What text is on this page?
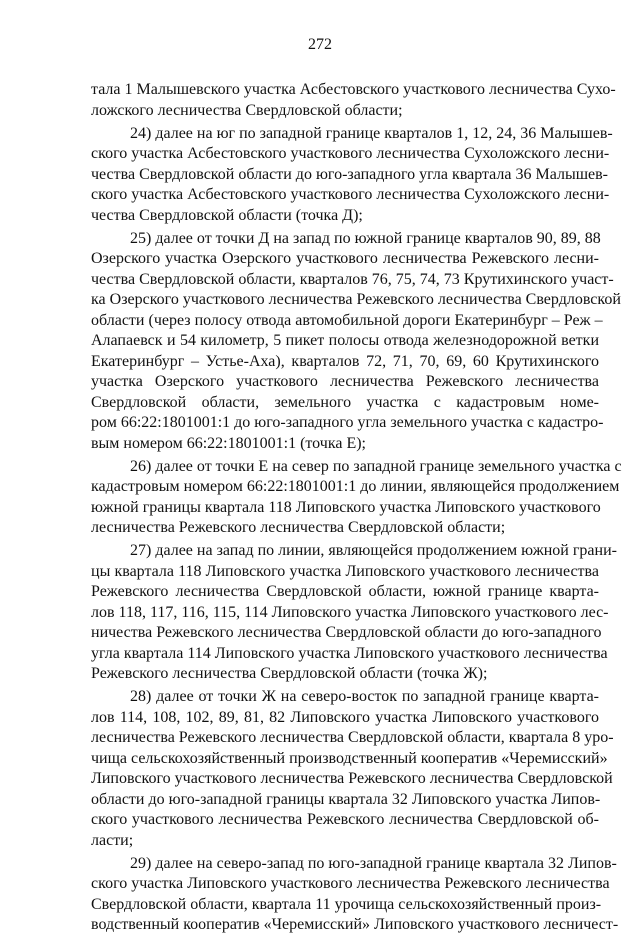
272
тала 1 Малышевского участка Асбестовского участкового лесничества Сухо-
ложского лесничества Свердловской области;
24) далее на юг по западной границе кварталов 1, 12, 24, 36 Малышев-
ского участка Асбестовского участкового лесничества Сухоложского лесни-
чества Свердловской области до юго-западного угла квартала 36 Малышев-
ского участка Асбестовского участкового лесничества Сухоложского лесни-
чества Свердловской области (точка Д);
25) далее от точки Д на запад по южной границе кварталов 90, 89, 88
Озерского участка Озерского участкового лесничества Режевского лесни-
чества Свердловской области, кварталов 76, 75, 74, 73 Крутихинского участ-
ка Озерского участкового лесничества Режевского лесничества Свердловской
области (через полосу отвода автомобильной дороги Екатеринбург – Реж –
Алапаевск и 54 километр, 5 пикет полосы отвода железнодорожной ветки
Екатеринбург – Устье-Аха), кварталов 72, 71, 70, 69, 60 Крутихинского
участка Озерского участкового лесничества Режевского лесничества
Свердловской области, земельного участка с кадастровым номе-
ром 66:22:1801001:1 до юго-западного угла земельного участка с кадастро-
вым номером 66:22:1801001:1 (точка Е);
26) далее от точки Е на север по западной границе земельного участка с
кадастровым номером 66:22:1801001:1 до линии, являющейся продолжением
южной границы квартала 118 Липовского участка Липовского участкового
лесничества Режевского лесничества Свердловской области;
27) далее на запад по линии, являющейся продолжением южной грани-
цы квартала 118 Липовского участка Липовского участкового лесничества
Режевского лесничества Свердловской области, южной границе кварта-
лов 118, 117, 116, 115, 114 Липовского участка Липовского участкового лес-
ничества Режевского лесничества Свердловской области до юго-западного
угла квартала 114 Липовского участка Липовского участкового лесничества
Режевского лесничества Свердловской области (точка Ж);
28) далее от точки Ж на северо-восток по западной границе кварта-
лов 114, 108, 102, 89, 81, 82 Липовского участка Липовского участкового
лесничества Режевского лесничества Свердловской области, квартала 8 уро-
чища сельскохозяйственный производственный кооператив «Черемисский»
Липовского участкового лесничества Режевского лесничества Свердловской
области до юго-западной границы квартала 32 Липовского участка Липов-
ского участкового лесничества Режевского лесничества Свердловской об-
ласти;
29) далее на северо-запад по юго-западной границе квартала 32 Липов-
ского участка Липовского участкового лесничества Режевского лесничества
Свердловской области, квартала 11 урочища сельскохозяйственный произ-
водственный кооператив «Черемисский» Липовского участкового лесничест-
